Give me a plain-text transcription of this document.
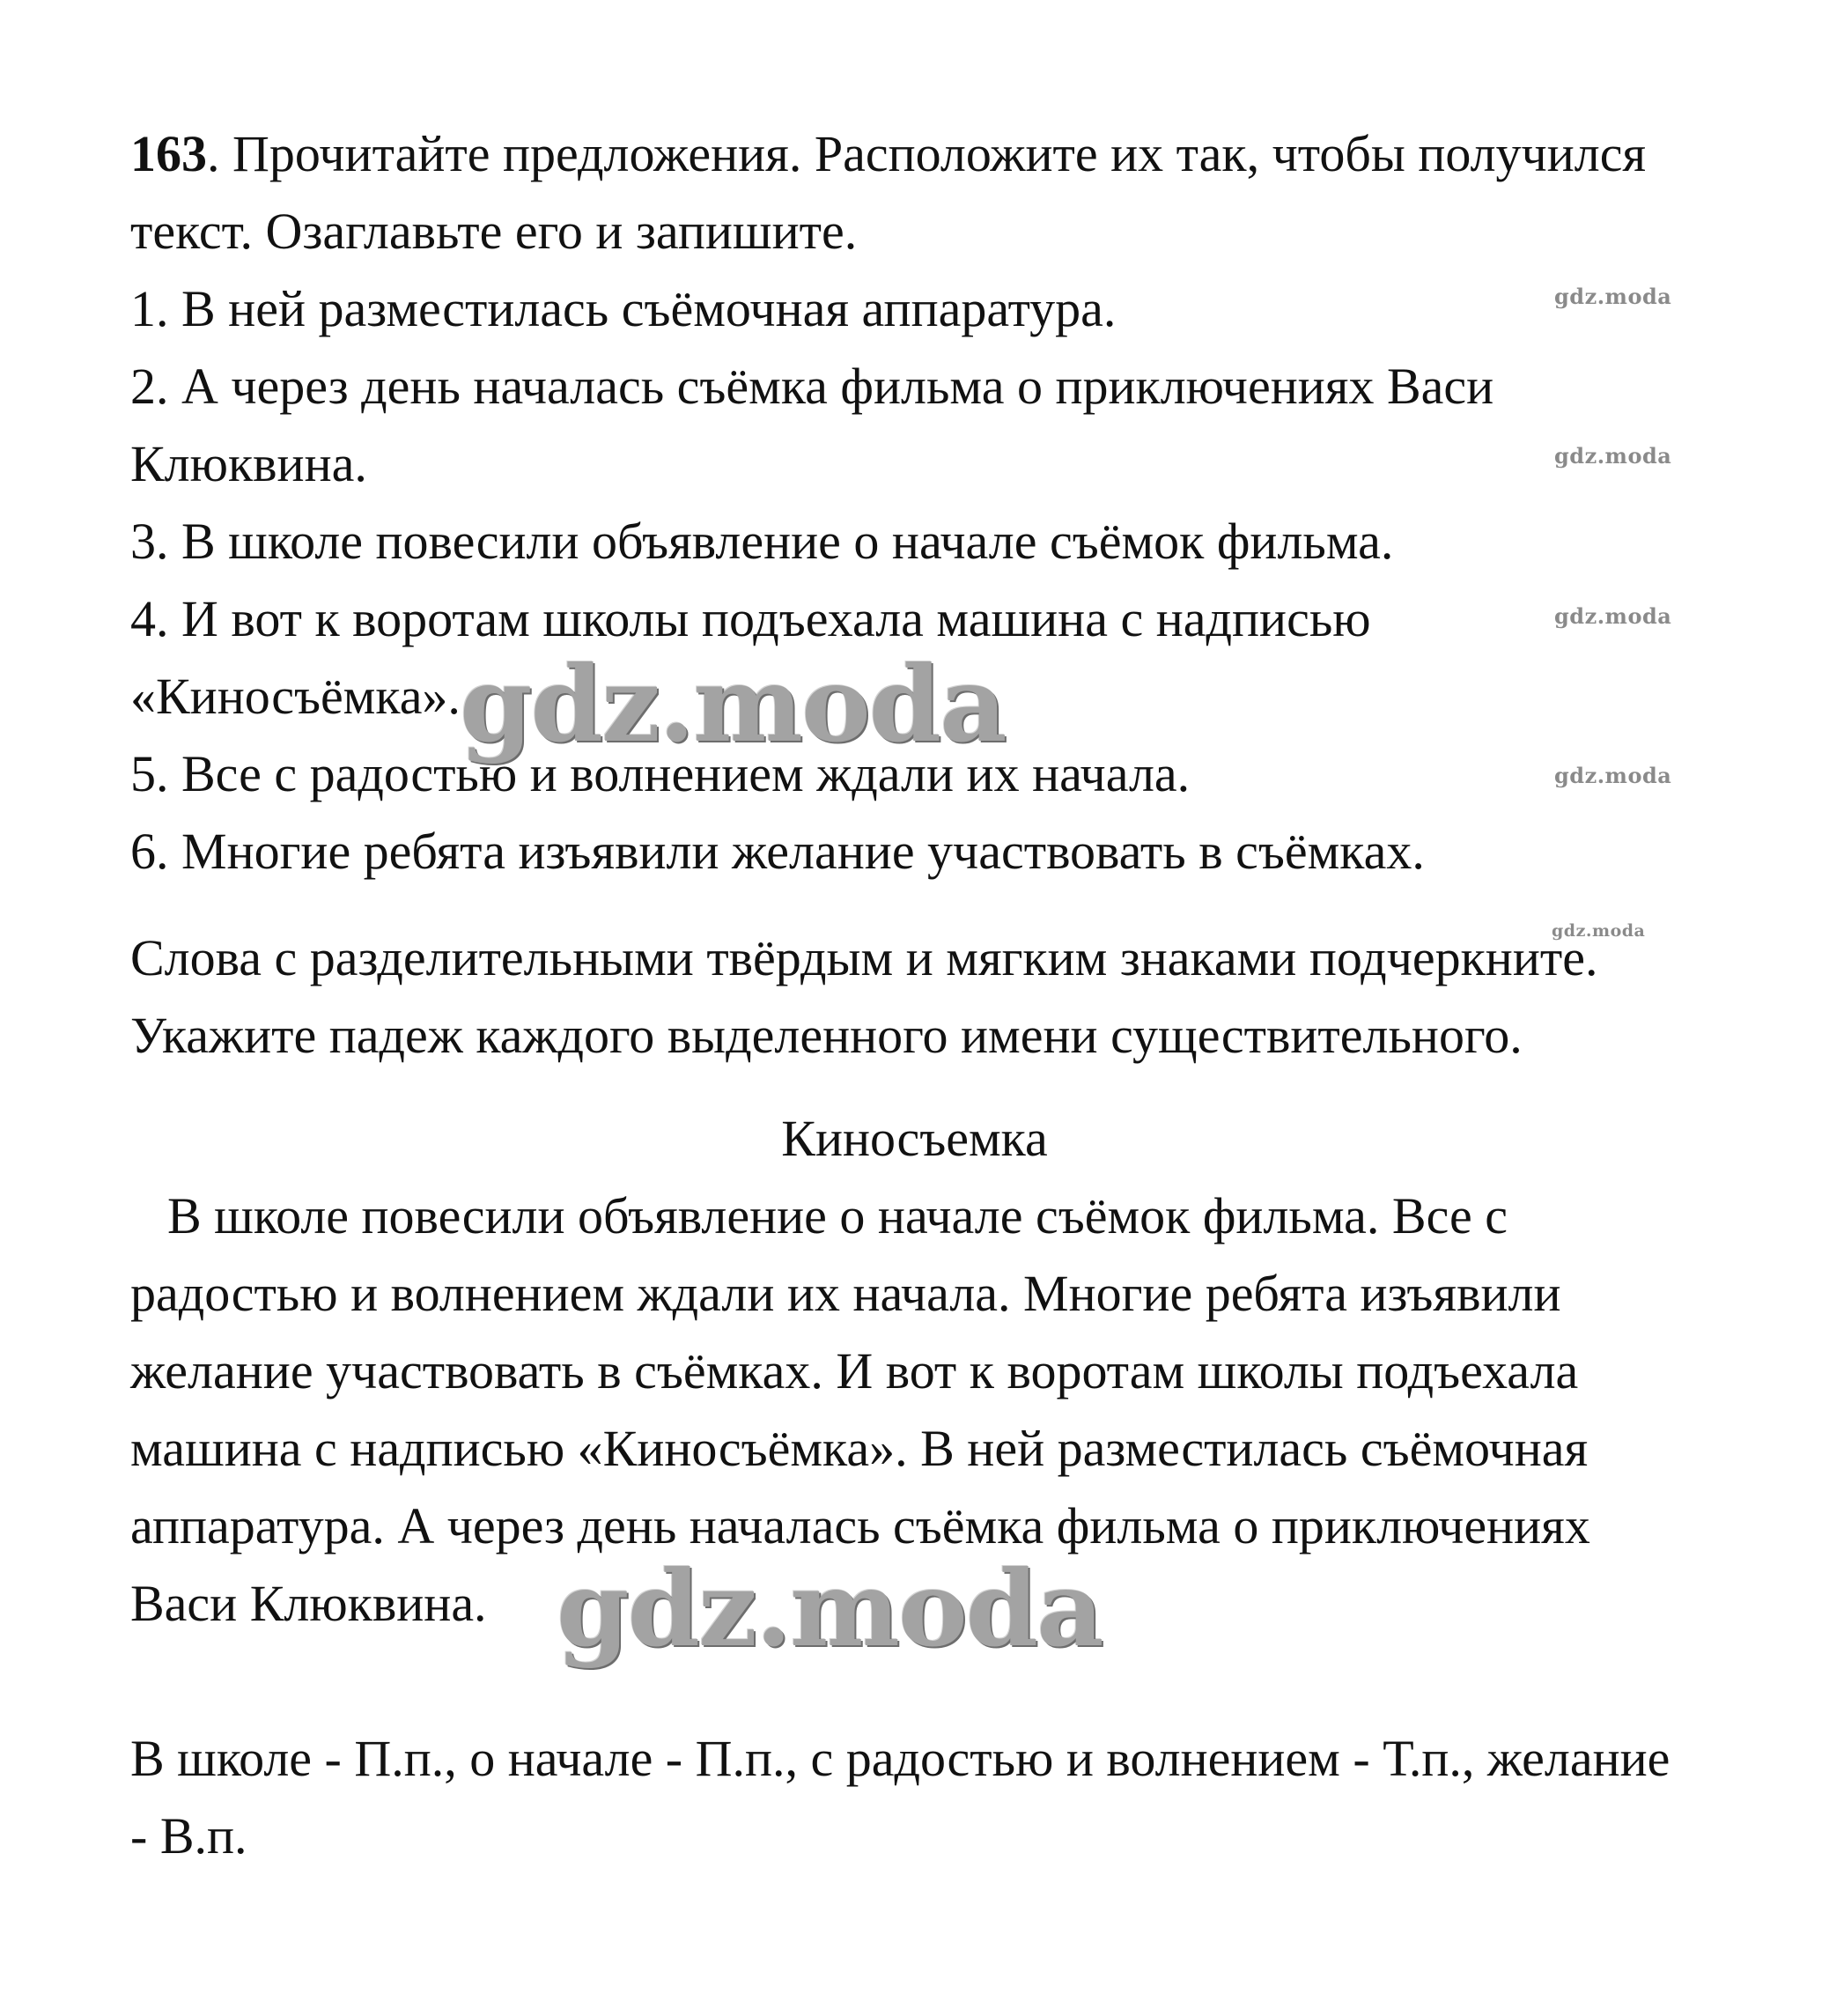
163. Прочитайте предложения. Расположите их так, чтобы получился
текст. Озаглавьте его и запишите.
1. В ней разместилась съёмочная аппаратура.
2. А через день началась съёмка фильма о приключениях Васи
Клюквина.
3. В школе повесили объявление о начале съёмок фильма.
4. И вот к воротам школы подъехала машина с надписью
«Киносъёмка».
5. Все с радостью и волнением ждали их начала.
6. Многие ребята изъявили желание участвовать в съёмках.
Слова с разделительными твёрдым и мягким знаками подчеркните.
Укажите падеж каждого выделенного имени существительного.
Киносъемка
В школе повесили объявление о начале съёмок фильма. Все с
радостью и волнением ждали их начала. Многие ребята изъявили
желание участвовать в съёмках. И вот к воротам школы подъехала
машина с надписью «Киносъёмка». В ней разместилась съёмочная
аппаратура. А через день началась съёмка фильма о приключениях
Васи Клюквина.
В школе - П.п., о начале - П.п., с радостью и волнением - Т.п., желание
- В.п.
gdz.moda
gdz.moda
gdz.moda
gdz.moda
gdz.moda
gdz.moda
gdz.moda
